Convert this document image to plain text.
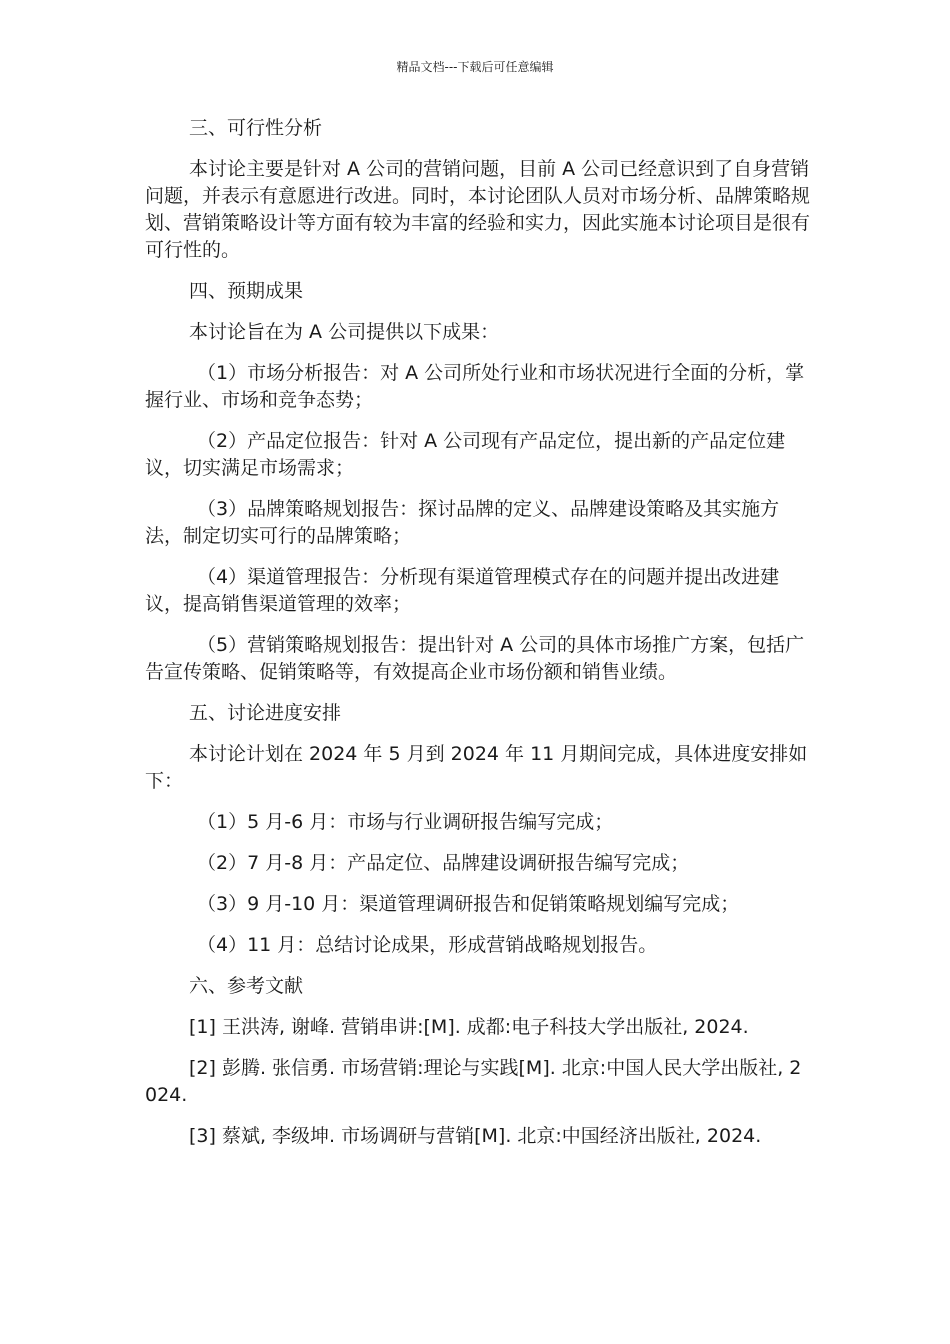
精品文档---下载后可任意编辑

三、可行性分析

本讨论主要是针对 A 公司的营销问题，目前 A 公司已经意识到了自身营销问题，并表示有意愿进行改进。同时，本讨论团队人员对市场分析、品牌策略规划、营销策略设计等方面有较为丰富的经验和实力，因此实施本讨论项目是很有可行性的。

四、预期成果

本讨论旨在为 A 公司提供以下成果：

（1）市场分析报告：对 A 公司所处行业和市场状况进行全面的分析，掌握行业、市场和竞争态势；

（2）产品定位报告：针对 A 公司现有产品定位，提出新的产品定位建议，切实满足市场需求；

（3）品牌策略规划报告：探讨品牌的定义、品牌建设策略及其实施方法，制定切实可行的品牌策略；

（4）渠道管理报告：分析现有渠道管理模式存在的问题并提出改进建议，提高销售渠道管理的效率；

（5）营销策略规划报告：提出针对 A 公司的具体市场推广方案，包括广告宣传策略、促销策略等，有效提高企业市场份额和销售业绩。

五、讨论进度安排

本讨论计划在 2024 年 5 月到 2024 年 11 月期间完成，具体进度安排如下：

（1）5 月-6 月：市场与行业调研报告编写完成；

（2）7 月-8 月：产品定位、品牌建设调研报告编写完成；

（3）9 月-10 月：渠道管理调研报告和促销策略规划编写完成；

（4）11 月：总结讨论成果，形成营销战略规划报告。

六、参考文献

[1] 王洪涛, 谢峰. 营销串讲:[M]. 成都:电子科技大学出版社, 2024.

[2] 彭腾. 张信勇. 市场营销:理论与实践[M]. 北京:中国人民大学出版社, 2024.

[3] 蔡斌, 李级坤. 市场调研与营销[M]. 北京:中国经济出版社, 2024.
